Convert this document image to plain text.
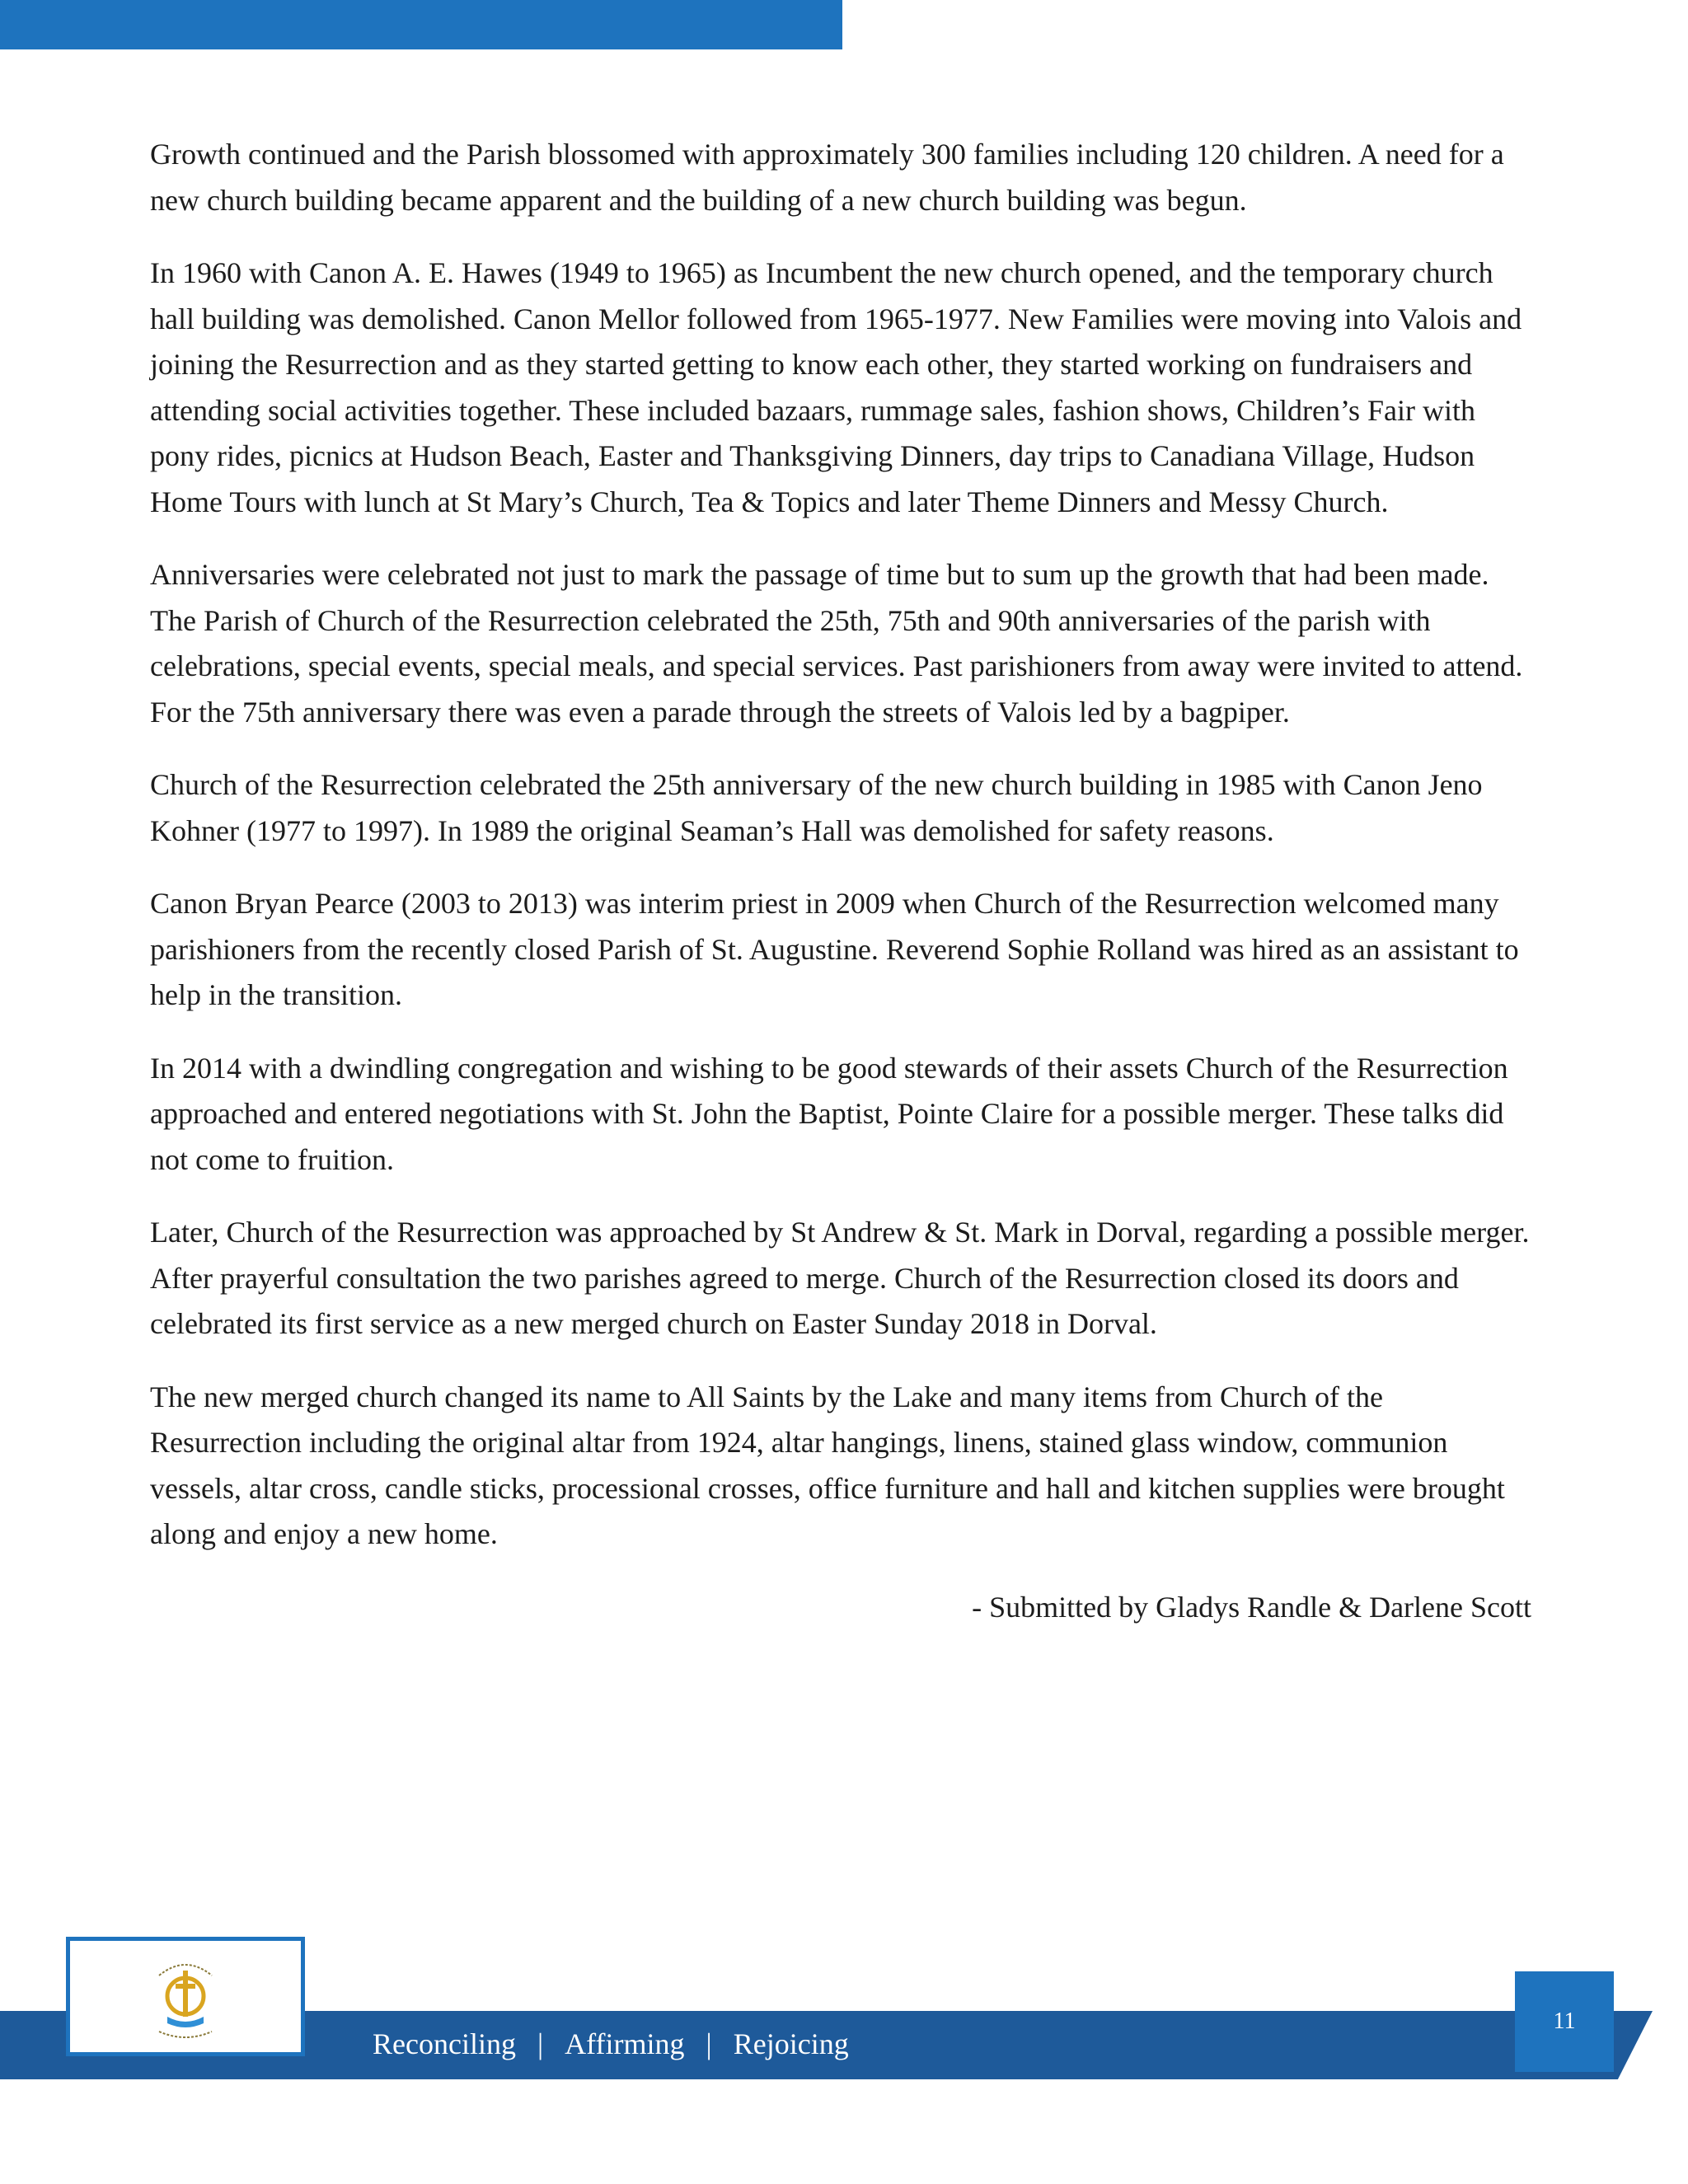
Growth continued and the Parish blossomed with approximately 300 families including 120 children. A need for a new church building became apparent and the building of a new church building was begun.

In 1960 with Canon A. E. Hawes (1949 to 1965) as Incumbent the new church opened, and the temporary church hall building was demolished. Canon Mellor followed from 1965-1977. New Families were moving into Valois and joining the Resurrection and as they started getting to know each other, they started working on fundraisers and attending social activities together. These included bazaars, rummage sales, fashion shows, Children’s Fair with pony rides, picnics at Hudson Beach, Easter and Thanksgiving Dinners, day trips to Canadiana Village, Hudson Home Tours with lunch at St Mary’s Church, Tea & Topics and later Theme Dinners and Messy Church.

Anniversaries were celebrated not just to mark the passage of time but to sum up the growth that had been made. The Parish of Church of the Resurrection celebrated the 25th, 75th and 90th anniversaries of the parish with celebrations, special events, special meals, and special services. Past parishioners from away were invited to attend. For the 75th anniversary there was even a parade through the streets of Valois led by a bagpiper.

Church of the Resurrection celebrated the 25th anniversary of the new church building in 1985 with Canon Jeno Kohner (1977 to 1997). In 1989 the original Seaman’s Hall was demolished for safety reasons.

Canon Bryan Pearce (2003 to 2013) was interim priest in 2009 when Church of the Resurrection welcomed many parishioners from the recently closed Parish of St. Augustine. Reverend Sophie Rolland was hired as an assistant to help in the transition.

In 2014 with a dwindling congregation and wishing to be good stewards of their assets Church of the Resurrection approached and entered negotiations with St. John the Baptist, Pointe Claire for a possible merger. These talks did not come to fruition.

Later, Church of the Resurrection was approached by St Andrew & St. Mark in Dorval, regarding a possible merger. After prayerful consultation the two parishes agreed to merge. Church of the Resurrection closed its doors and celebrated its first service as a new merged church on Easter Sunday 2018 in Dorval.

The new merged church changed its name to All Saints by the Lake and many items from Church of the Resurrection including the original altar from 1924, altar hangings, linens, stained glass window, communion vessels, altar cross, candle sticks, processional crosses, office furniture and hall and kitchen supplies were brought along and enjoy a new home.

- Submitted by Gladys Randle & Darlene Scott

Reconciling | Affirming | Rejoicing
11
